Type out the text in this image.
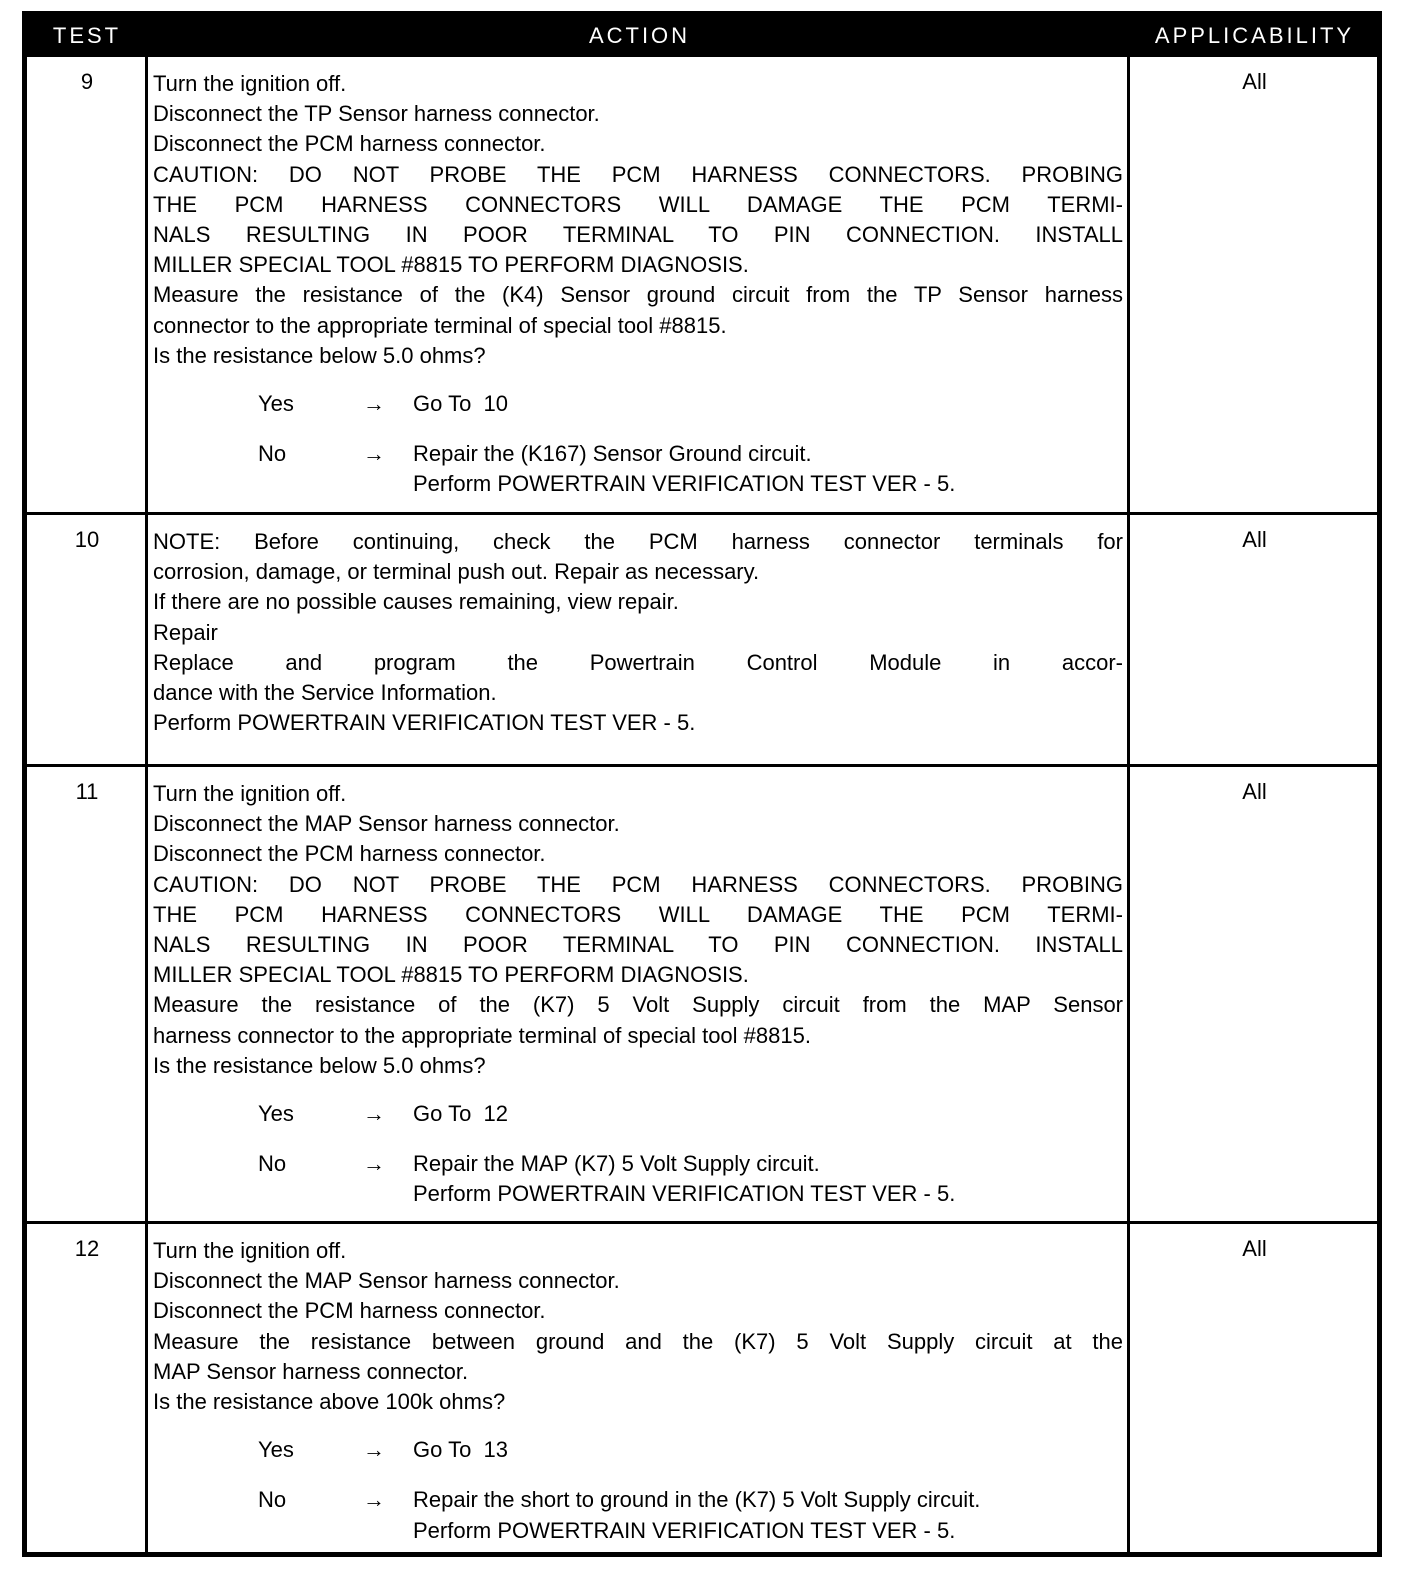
TEST	ACTION	APPLICABILITY
9	Turn the ignition off.

Disconnect the TP Sensor harness connector.

Disconnect the PCM harness connector.

CAUTION: DO NOT PROBE THE PCM HARNESS CONNECTORS. PROBING

THE PCM HARNESS CONNECTORS WILL DAMAGE THE PCM TERMI-

NALS RESULTING IN POOR TERMINAL TO PIN CONNECTION. INSTALL

MILLER SPECIAL TOOL #8815 TO PERFORM DIAGNOSIS.

Measure the resistance of the (K4) Sensor ground circuit from the TP Sensor harness

connector to the appropriate terminal of special tool #8815.

Is the resistance below 5.0 ohms?

Yes	→	Go To  10
No	→	Repair the (K167) Sensor Ground circuit.
Perform POWERTRAIN VERIFICATION TEST VER - 5.
All
10	NOTE: Before continuing, check the PCM harness connector terminals for

corrosion, damage, or terminal push out. Repair as necessary.

If there are no possible causes remaining, view repair.

Repair

Replace and program the Powertrain Control Module in accor-

dance with the Service Information.

Perform POWERTRAIN VERIFICATION TEST VER - 5.

All
11	Turn the ignition off.

Disconnect the MAP Sensor harness connector.

Disconnect the PCM harness connector.

CAUTION: DO NOT PROBE THE PCM HARNESS CONNECTORS. PROBING

THE PCM HARNESS CONNECTORS WILL DAMAGE THE PCM TERMI-

NALS RESULTING IN POOR TERMINAL TO PIN CONNECTION. INSTALL

MILLER SPECIAL TOOL #8815 TO PERFORM DIAGNOSIS.

Measure the resistance of the (K7) 5 Volt Supply circuit from the MAP Sensor

harness connector to the appropriate terminal of special tool #8815.

Is the resistance below 5.0 ohms?

Yes	→	Go To  12
No	→	Repair the MAP (K7) 5 Volt Supply circuit.
Perform POWERTRAIN VERIFICATION TEST VER - 5.
All
12	Turn the ignition off.

Disconnect the MAP Sensor harness connector.

Disconnect the PCM harness connector.

Measure the resistance between ground and the (K7) 5 Volt Supply circuit at the

MAP Sensor harness connector.

Is the resistance above 100k ohms?

Yes	→	Go To  13
No	→	Repair the short to ground in the (K7) 5 Volt Supply circuit.
Perform POWERTRAIN VERIFICATION TEST VER - 5.
All
